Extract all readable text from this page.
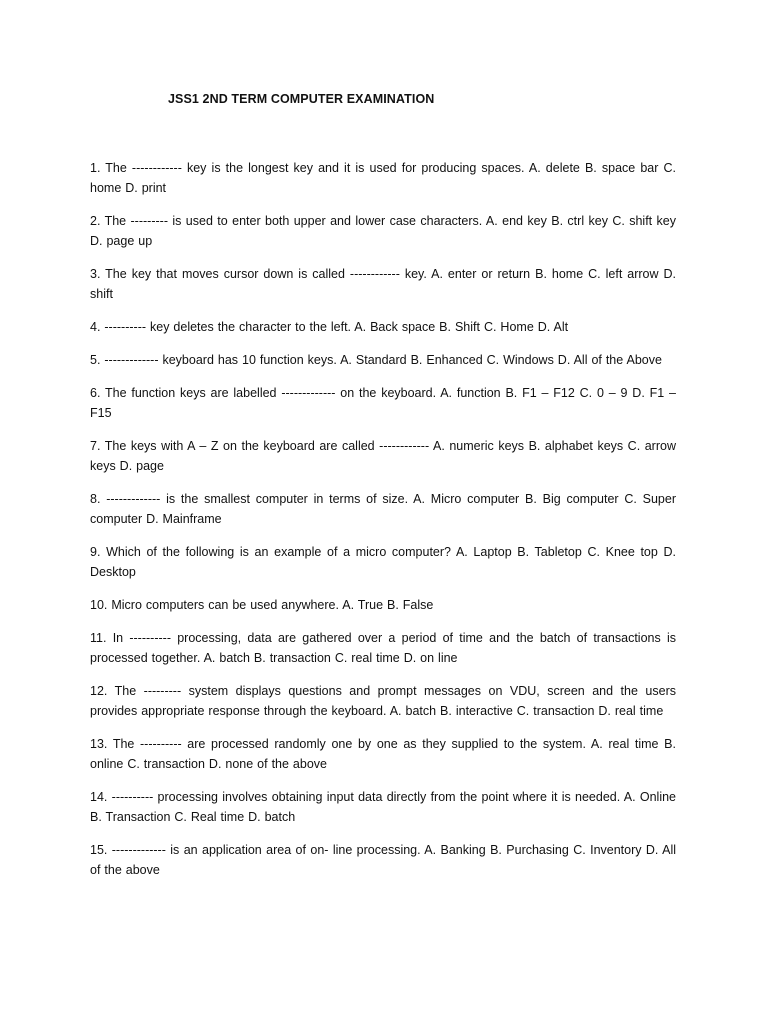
JSS1 2ND TERM COMPUTER EXAMINATION

1. The ------------ key is the longest key and it is used for producing spaces. A. delete B. space bar C. home D. print

2. The --------- is used to enter both upper and lower case characters. A. end key B. ctrl key C. shift key D. page up

3. The key that moves cursor down is called ------------ key. A. enter or return B. home C. left arrow D. shift

4. ---------- key deletes the character to the left. A. Back space B. Shift C. Home D. Alt

5. ------------- keyboard has 10 function keys. A. Standard B. Enhanced C. Windows D. All of the Above

6. The function keys are labelled ------------- on the keyboard. A. function B. F1 – F12 C. 0 – 9 D. F1 – F15

7. The keys with A – Z on the keyboard are called ------------ A. numeric keys B. alphabet keys C. arrow keys D. page

8. ------------- is the smallest computer in terms of size. A. Micro computer B. Big computer C. Super computer D. Mainframe

9. Which of the following is an example of a micro computer? A. Laptop B. Tabletop C. Knee top D. Desktop

10. Micro computers can be used anywhere. A. True B. False

11. In ---------- processing, data are gathered over a period of time and the batch of transactions is processed together. A. batch B. transaction C. real time D. on line

12. The --------- system displays questions and prompt messages on VDU, screen and the users provides appropriate response through the keyboard. A. batch B. interactive C. transaction D. real time

13. The ---------- are processed randomly one by one as they supplied to the system. A. real time B. online C. transaction D. none of the above

14. ---------- processing involves obtaining input data directly from the point where it is needed. A. Online B. Transaction C. Real time D. batch

15. ------------- is an application area of on- line processing. A. Banking B. Purchasing C. Inventory D. All of the above
